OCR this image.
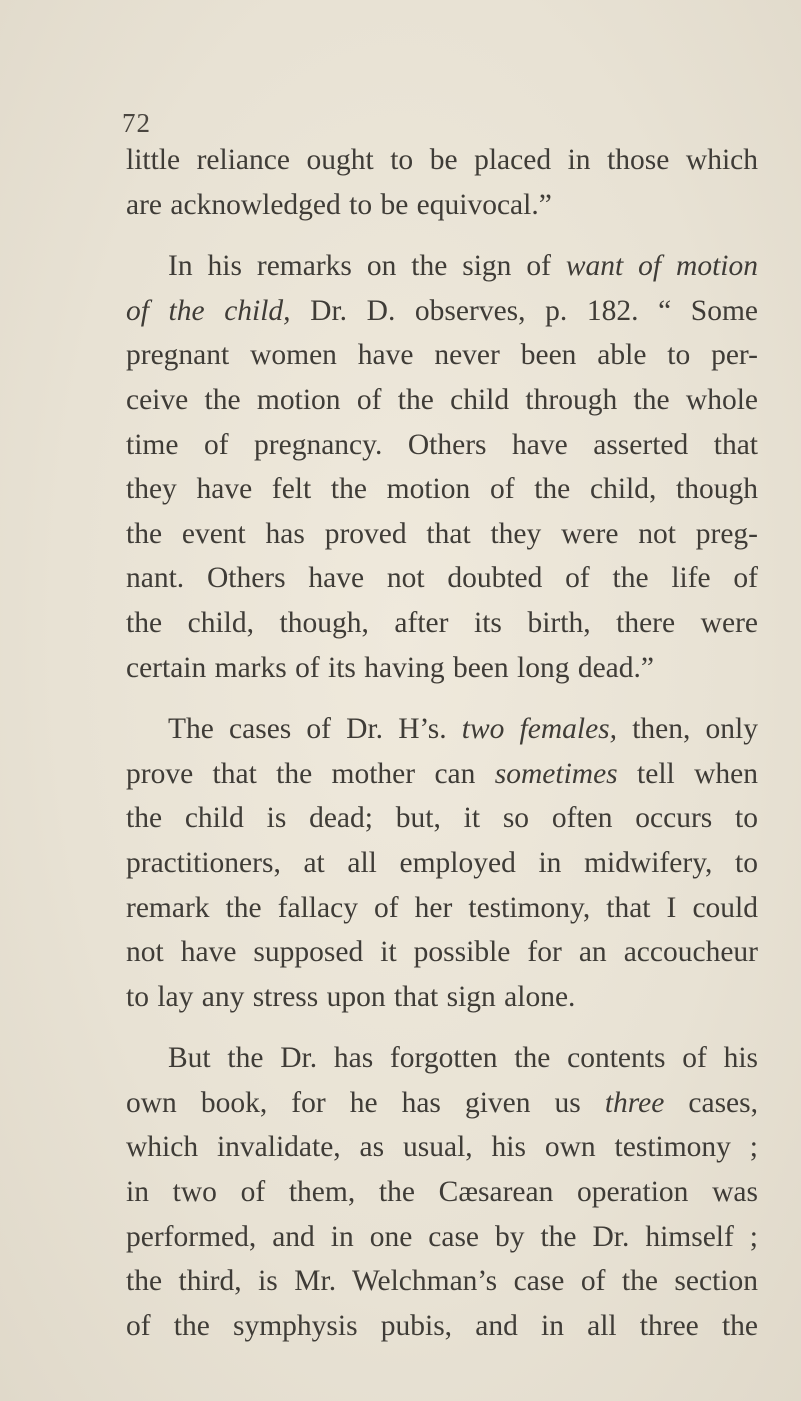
72
little reliance ought to be placed in those which
are acknowledged to be equivocal.”
In his remarks on the sign of want of motion
of the child, Dr. D. observes, p. 182. “ Some
pregnant women have never been able to per-
ceive the motion of the child through the whole
time of pregnancy. Others have asserted that
they have felt the motion of the child, though
the event has proved that they were not preg-
nant. Others have not doubted of the life of
the child, though, after its birth, there were
certain marks of its having been long dead.”
The cases of Dr. H’s. two females, then, only
prove that the mother can sometimes tell when
the child is dead; but, it so often occurs to
practitioners, at all employed in midwifery, to
remark the fallacy of her testimony, that I could
not have supposed it possible for an accoucheur
to lay any stress upon that sign alone.
But the Dr. has forgotten the contents of his
own book, for he has given us three cases,
which invalidate, as usual, his own testimony ;
in two of them, the Cæsarean operation was
performed, and in one case by the Dr. himself ;
the third, is Mr. Welchman’s case of the section
of the symphysis pubis, and in all three the
